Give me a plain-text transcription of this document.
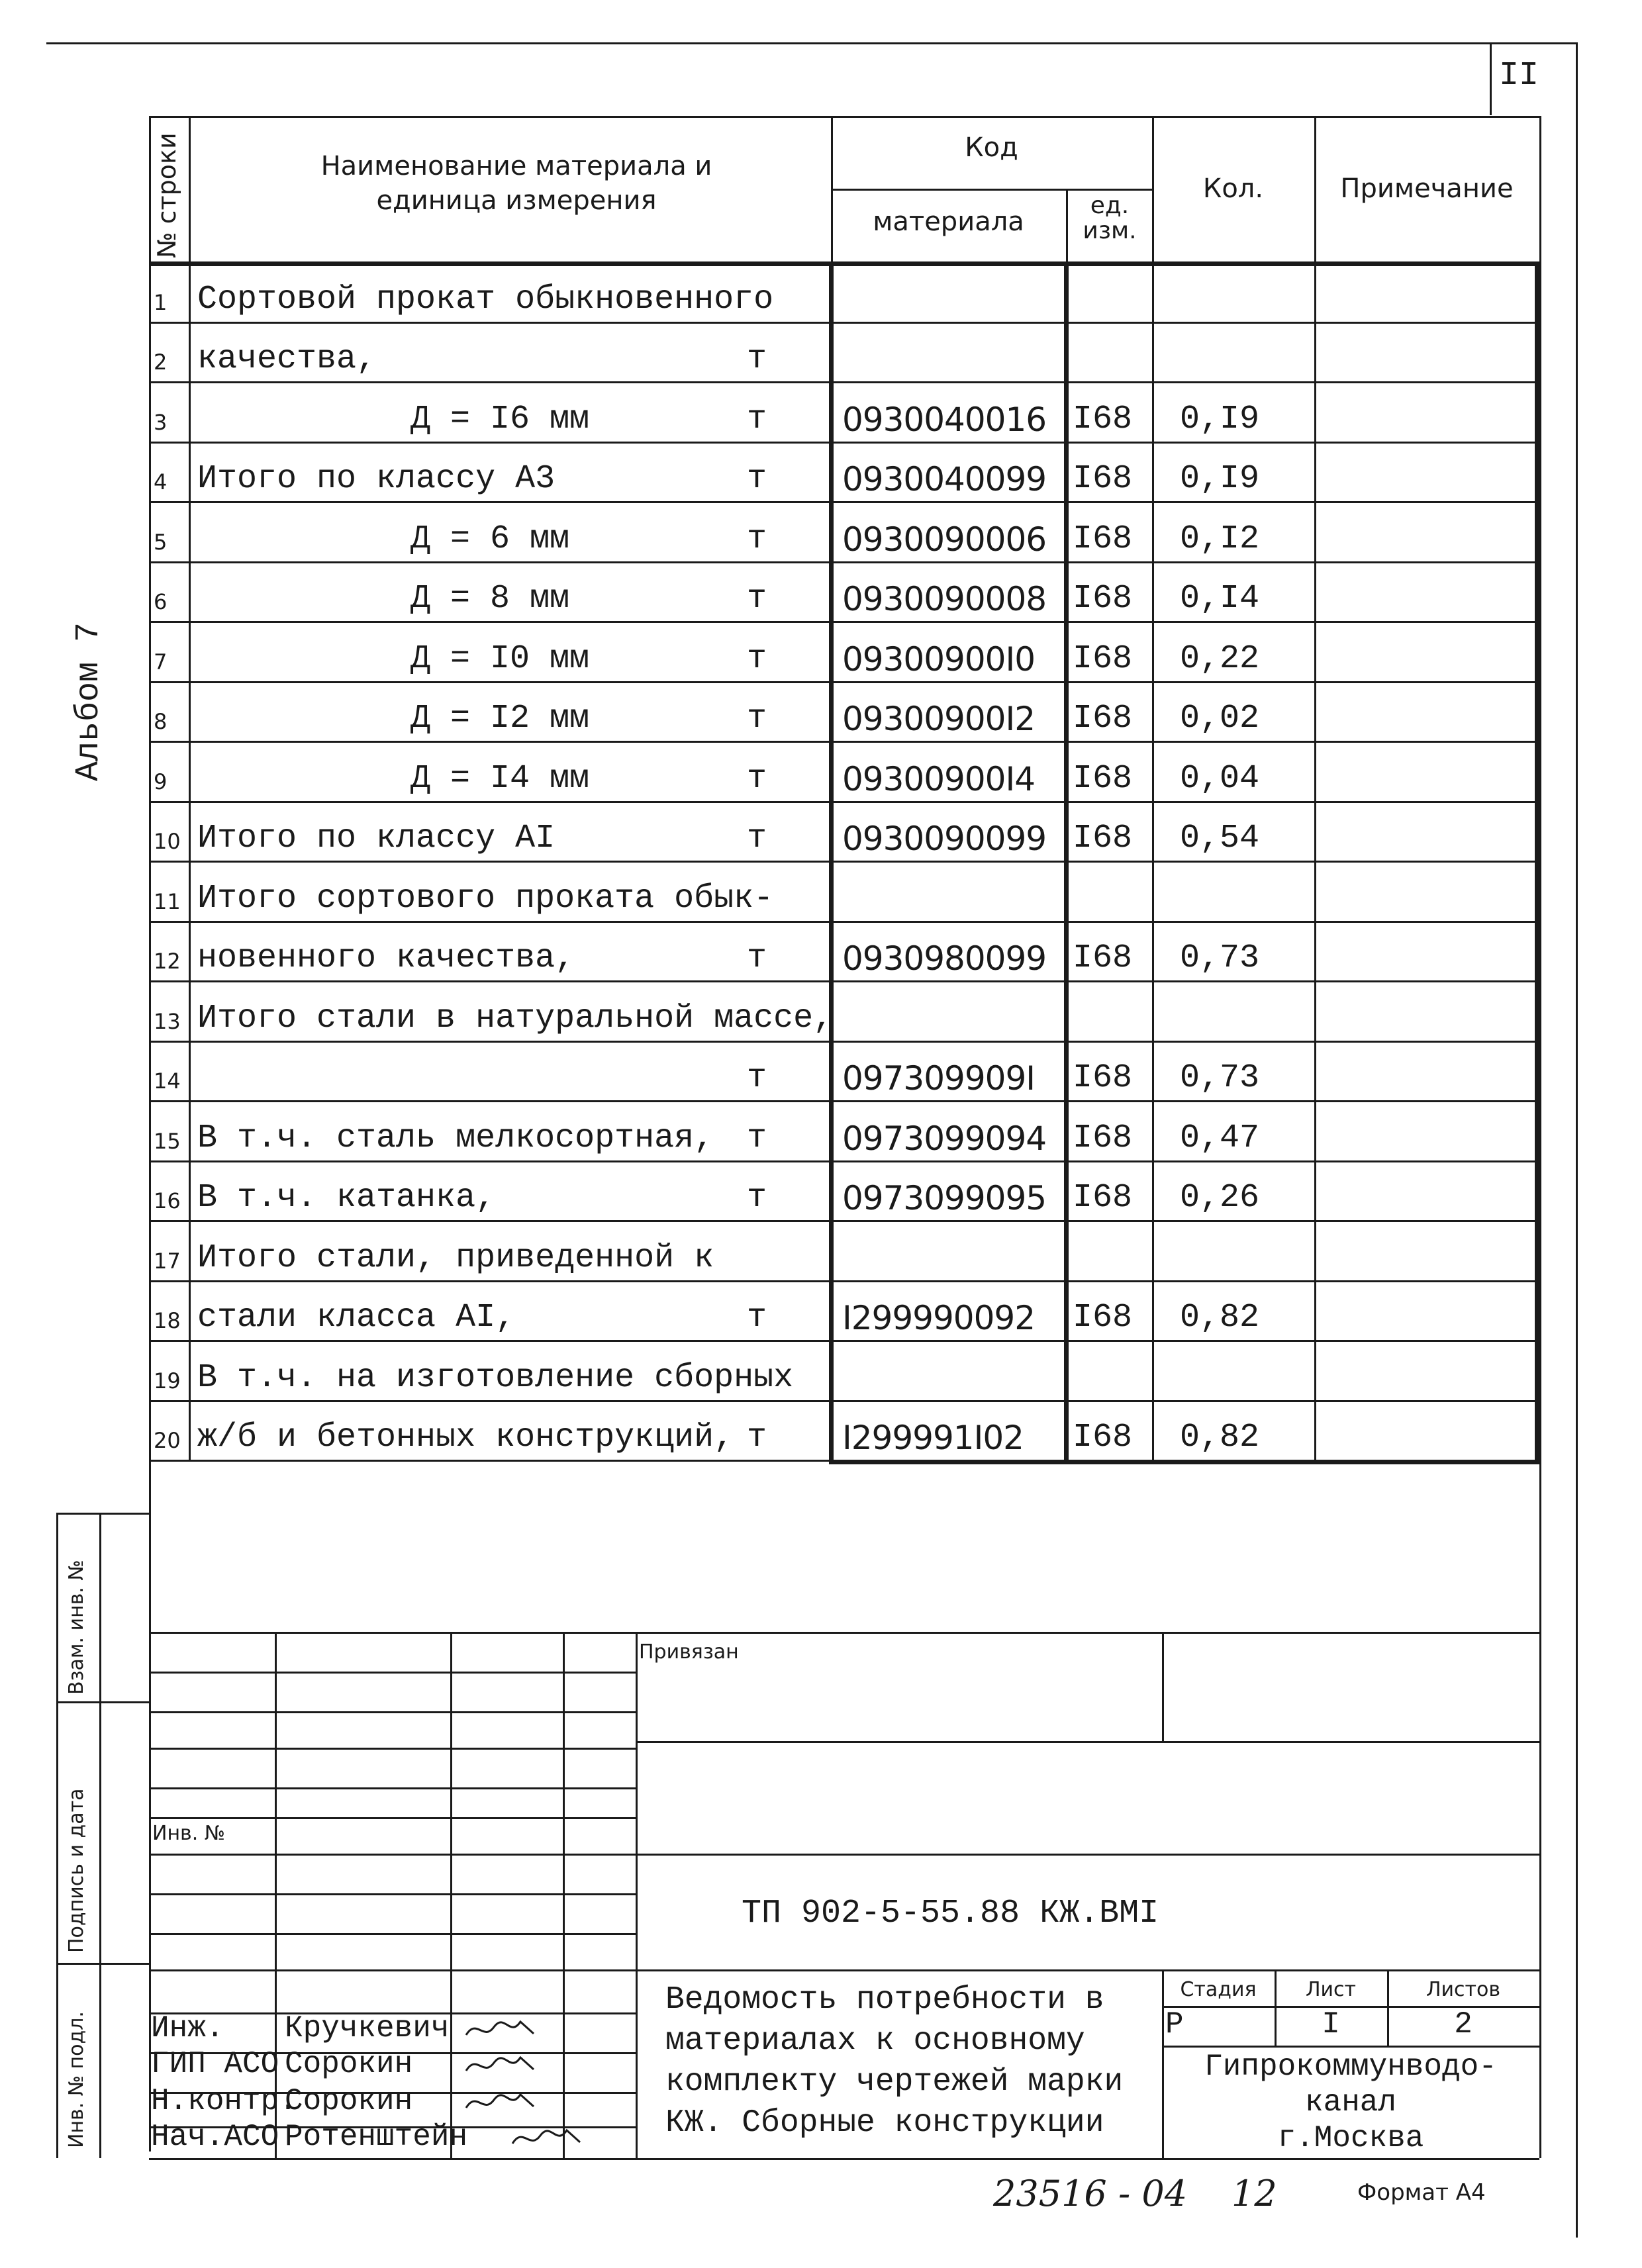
II
Альбом 7
№ строки	Наименование материала и единица измерения
Код
материала
ед. изм.
Кол.	Примечание
1 Сортовой прокат обыкновенного
2 качества,	т
3	Д = I6 мм	т 0930040016 I68 0,I9
4 Итого по классу А3	т 0930040099 I68 0,I9
5	Д = 6 мм	т 0930090006 I68 0,I2
6	Д = 8 мм	т 0930090008 I68 0,I4
7	Д = I0 мм	т 09300900I0 I68 0,22
8	Д = I2 мм	т 09300900I2 I68 0,02
9	Д = I4 мм	т 09300900I4 I68 0,04
10 Итого по классу АI	т 0930090099 I68 0,54
11 Итого сортового проката обык-
12 новенного качества,	т 0930980099 I68 0,73
13 Итого стали в натуральной массе,
14	т 097309909I I68 0,73
15 В т.ч. сталь мелкосортная, т 0973099094 I68 0,47
16 В т.ч. катанка,	т 0973099095 I68 0,26
17 Итого стали, приведенной к
18 стали класса АI,	т I299990092 I68 0,82
19 В т.ч. на изготовление сборных
20 ж/б и бетонных конструкций, т I299991I02 I68 0,82
Взам. инв. №
Подпись и дата
Инв. № подл.
Привязан
Инв. №
ТП 902-5-55.88 КЖ.ВМI
Ведомость потребности в
материалах к основному
комплекту чертежей марки
КЖ. Сборные конструкции
Стадия	Лист	Листов
Р	I	2
Гипрокоммунводо-
канал
г.Москва
Инж. Кручкевич
ГИП АСО Сорокин
Н.контр.
Сорокин
Нач.АСО Ротенштейн
23516 - 04 12	Формат А4
